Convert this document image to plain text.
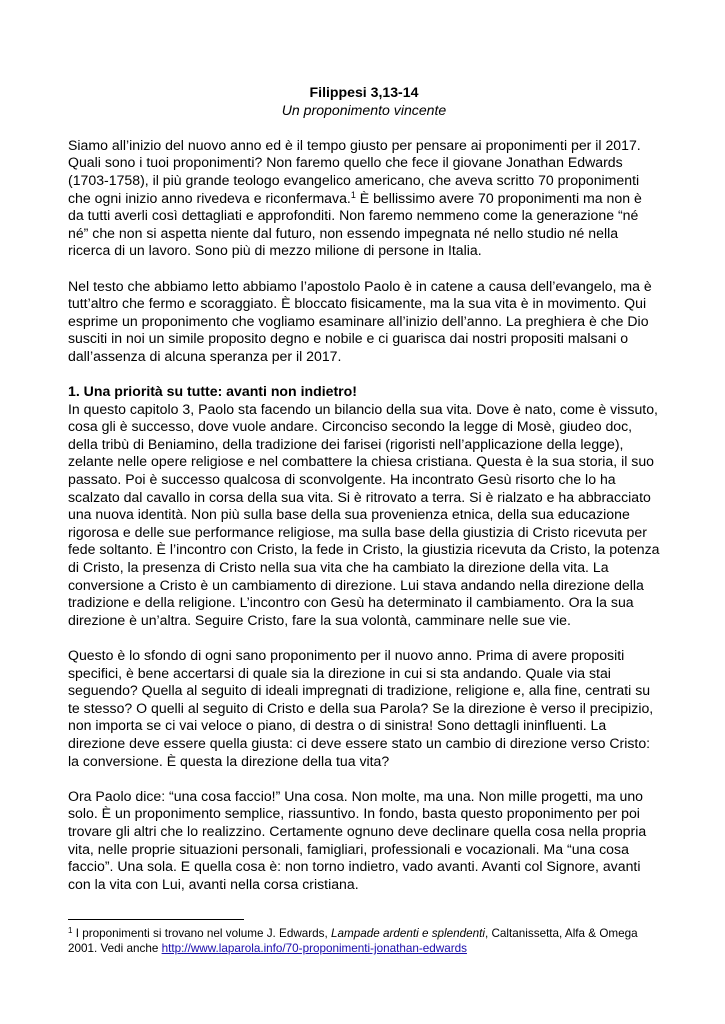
Filippesi 3,13-14
Un proponimento vincente

Siamo all’inizio del nuovo anno ed è il tempo giusto per pensare ai proponimenti per il 2017. Quali sono i tuoi proponimenti? Non faremo quello che fece il giovane Jonathan Edwards (1703-1758), il più grande teologo evangelico americano, che aveva scritto 70 proponimenti che ogni inizio anno rivedeva e riconfermava.$^1$ È bellissimo avere 70 proponimenti ma non è da tutti averli così dettagliati e approfonditi. Non faremo nemmeno come la generazione “né né” che non si aspetta niente dal futuro, non essendo impegnata né nello studio né nella ricerca di un lavoro. Sono più di mezzo milione di persone in Italia.

Nel testo che abbiamo letto abbiamo l’apostolo Paolo è in catene a causa dell’evangelo, ma è tutt’altro che fermo e scoraggiato. È bloccato fisicamente, ma la sua vita è in movimento. Qui esprime un proponimento che vogliamo esaminare all’inizio dell’anno. La preghiera è che Dio susciti in noi un simile proposito degno e nobile e ci guarisca dai nostri propositi malsani o dall’assenza di alcuna speranza per il 2017.

1. Una priorità su tutte: avanti non indietro!

In questo capitolo 3, Paolo sta facendo un bilancio della sua vita. Dove è nato, come è vissuto, cosa gli è successo, dove vuole andare. Circonciso secondo la legge di Mosè, giudeo doc, della tribù di Beniamino, della tradizione dei farisei (rigoristi nell’applicazione della legge), zelante nelle opere religiose e nel combattere la chiesa cristiana. Questa è la sua storia, il suo passato. Poi è successo qualcosa di sconvolgente. Ha incontrato Gesù risorto che lo ha scalzato dal cavallo in corsa della sua vita. Si è ritrovato a terra. Si è rialzato e ha abbracciato una nuova identità. Non più sulla base della sua provenienza etnica, della sua educazione rigorosa e delle sue performance religiose, ma sulla base della giustizia di Cristo ricevuta per fede soltanto. È l’incontro con Cristo, la fede in Cristo, la giustizia ricevuta da Cristo, la potenza di Cristo, la presenza di Cristo nella sua vita che ha cambiato la direzione della vita. La conversione a Cristo è un cambiamento di direzione. Lui stava andando nella direzione della tradizione e della religione. L’incontro con Gesù ha determinato il cambiamento. Ora la sua direzione è un’altra. Seguire Cristo, fare la sua volontà, camminare nelle sue vie.

Questo è lo sfondo di ogni sano proponimento per il nuovo anno. Prima di avere propositi specifici, è bene accertarsi di quale sia la direzione in cui si sta andando. Quale via stai seguendo? Quella al seguito di ideali impregnati di tradizione, religione e, alla fine, centrati su te stesso? O quelli al seguito di Cristo e della sua Parola? Se la direzione è verso il precipizio, non importa se ci vai veloce o piano, di destra o di sinistra! Sono dettagli ininfluenti. La direzione deve essere quella giusta: ci deve essere stato un cambio di direzione verso Cristo: la conversione. È questa la direzione della tua vita?

Ora Paolo dice: “una cosa faccio!” Una cosa. Non molte, ma una. Non mille progetti, ma uno solo. È un proponimento semplice, riassuntivo. In fondo, basta questo proponimento per poi trovare gli altri che lo realizzino. Certamente ognuno deve declinare quella cosa nella propria vita, nelle proprie situazioni personali, famigliari, professionali e vocazionali. Ma “una cosa faccio”. Una sola. E quella cosa è: non torno indietro, vado avanti. Avanti col Signore, avanti con la vita con Lui, avanti nella corsa cristiana.

$^1$ I proponimenti si trovano nel volume J. Edwards, Lampade ardenti e splendenti, Caltanissetta, Alfa & Omega 2001. Vedi anche http://www.laparola.info/70-proponimenti-jonathan-edwards
